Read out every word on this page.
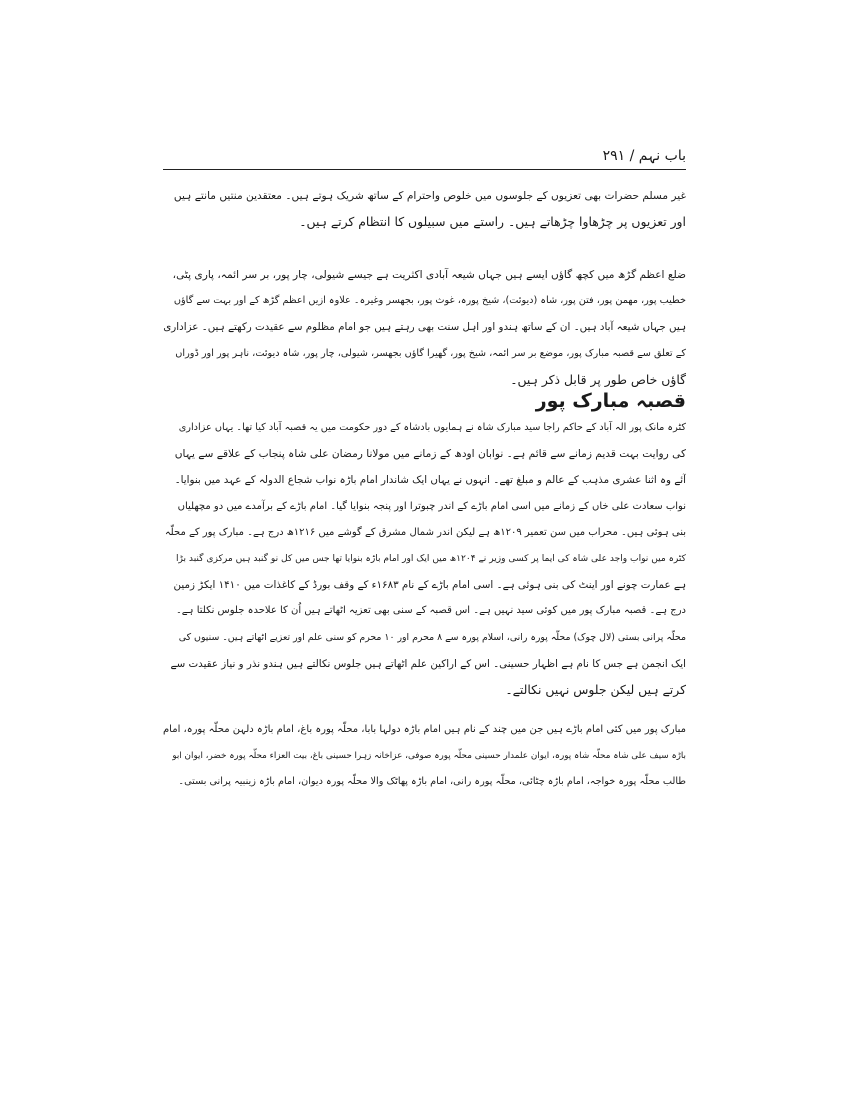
باب نہم / ۲۹۱

غیر مسلم حضرات بھی تعزیوں کے جلوسوں میں خلوص واحترام کے ساتھ شریک ہوتے ہیں۔ معتقدین منتیں مانتے ہیں
اور تعزیوں پر چڑھاوا چڑھاتے ہیں۔ راستے میں سبیلوں کا انتظام کرتے ہیں۔

ضلع اعظم گڑھ میں کچھ گاؤں ایسے ہیں جہاں شیعہ آبادی اکثریت ہے جیسے شیولی، چار پور، بر سر ائمہ، پاری پٹی،
خطیب پور، مھمن پور، فتن پور، شاہ (دیوئت)، شیخ پورہ، غوث پور، بجھسر وغیرہ۔ علاوہ ازیں اعظم گڑھ کے اور بہت سے گاؤں
ہیں جہاں شیعہ آباد ہیں۔ ان کے ساتھ ہندو اور اہل سنت بھی رہتے ہیں جو امام مظلوم سے عقیدت رکھتے ہیں۔ عزاداری
کے تعلق سے قصبہ مبارک پور، موضع بر سر ائمہ، شیخ پور، گھیرا گاؤں بجھسر، شیولی، چار پور، شاہ دیوئت، ناہر پور اور ڈوراں
گاؤں خاص طور پر قابل ذکر ہیں۔

قصبہ مبارک پور

کٹرہ مانک پور الہ آباد کے حاکم راجا سید مبارک شاہ نے ہمایوں بادشاہ کے دور حکومت میں یہ قصبہ آباد کیا تھا۔ یہاں عزاداری
کی روایت بہت قدیم زمانے سے قائم ہے۔ نوابان اودھ کے زمانے میں مولانا رمضان علی شاہ پنجاب کے علاقے سے یہاں
آئے وہ اثنا عشری مذہب کے عالم و مبلغ تھے۔ انہوں نے یہاں ایک شاندار امام باڑہ نواب شجاع الدولہ کے عہد میں بنوایا۔
نواب سعادت علی خاں کے زمانے میں اسی امام باڑے کے اندر چبوترا اور پنجہ بنوایا گیا۔ امام باڑے کے برآمدے میں دو مچھلیاں
بنی ہوئی ہیں۔ محراب میں سن تعمیر ۱۲۰۹ھ ہے لیکن اندر شمال مشرق کے گوشے میں ۱۲۱۶ھ درج ہے۔ مبارک پور کے محلّہ
کٹرہ میں نواب واجد علی شاہ کی ایما پر کسی وزیر نے ۱۲۰۴ھ میں ایک اور امام باڑہ بنوایا تھا جس میں کل نو گنبد ہیں مرکزی گنبد بڑا
ہے عمارت چونے اور اینٹ کی بنی ہوئی ہے۔ اسی امام باڑے کے نام ۱۶۸۳ء کے وقف بورڈ کے کاغذات میں ۱۴۱۰ ایکڑ زمین
درج ہے۔ قصبہ مبارک پور میں کوئی سید نہیں ہے۔ اس قصبہ کے سنی بھی تعزیہ اٹھاتے ہیں اُن کا علاحدہ جلوس نکلتا ہے۔
محلّہ پرانی بستی (لال چوک) محلّہ پورہ رانی، اسلام پورہ سے ۸ محرم اور ۱۰ محرم کو سنی علم اور تعزیے اٹھاتے ہیں۔ سنیوں کی
ایک انجمن ہے جس کا نام ہے اظہار حسینی۔ اس کے اراکین علم اٹھاتے ہیں جلوس نکالتے ہیں ہندو نذر و نیاز عقیدت سے
کرتے ہیں لیکن جلوس نہیں نکالتے۔

مبارک پور میں کئی امام باڑے ہیں جن میں چند کے نام ہیں امام باڑہ دولہا بابا، محلّہ پورہ باغ، امام باڑہ دلہن محلّہ پورہ، امام
باڑہ سیف علی شاہ محلّہ شاہ پورہ، ایوان علمدار حسینی محلّہ پورہ صوفی، عزاخانہ زہرا حسینی باغ، بیت العزاء محلّہ پورہ خضر، ایوان ابو
طالب محلّہ پورہ خواجہ، امام باڑہ چٹائی، محلّہ پورہ رانی، امام باڑہ پھاٹک والا محلّہ پورہ دیوان، امام باڑہ زینبیہ پرانی بستی۔
